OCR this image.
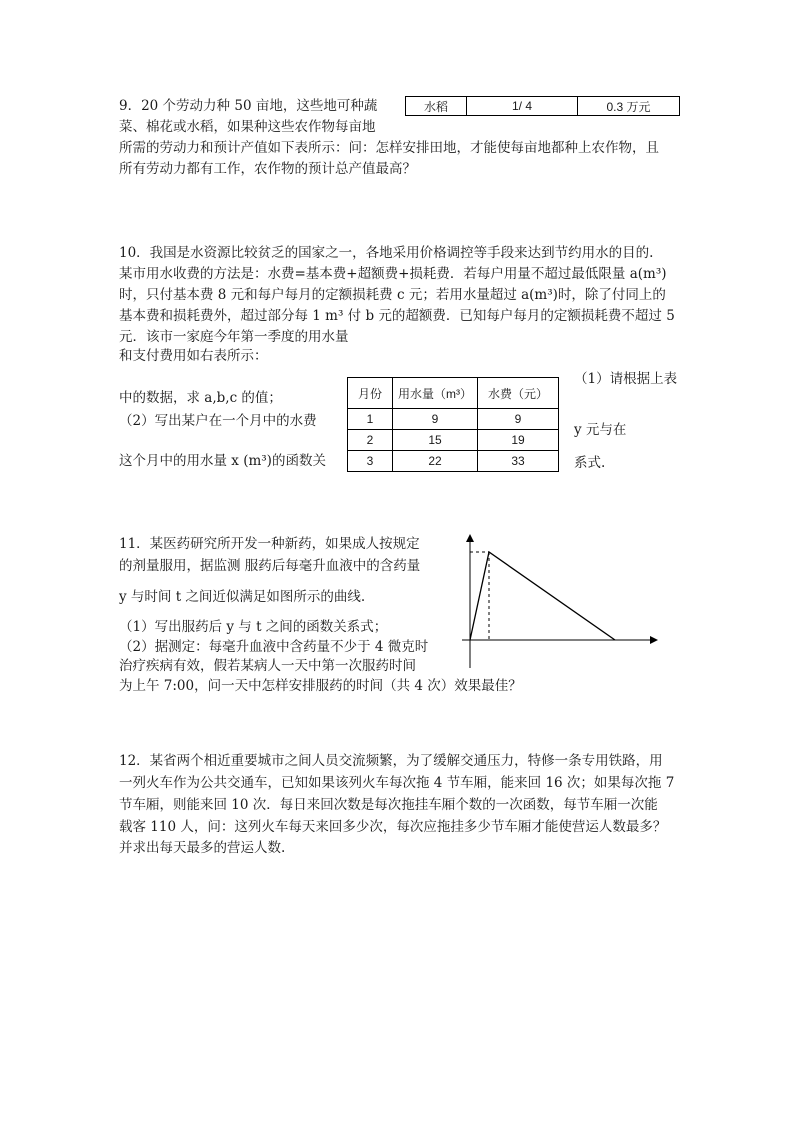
9．20 个劳动力种 50 亩地，这些地可种蔬
菜、棉花或水稻，如果种这些农作物每亩地
所需的劳动力和预计产值如下表所示：问：怎样安排田地，才能使每亩地都种上农作物，且
所有劳动力都有工作，农作物的预计总产值最高？
水稻	1/ 4	0.3 万元
10．我国是水资源比较贫乏的国家之一，各地采用价格调控等手段来达到节约用水的目的.
某市用水收费的方法是：水费=基本费+超额费+损耗费．若每户用量不超过最低限量 a(m³)
时，只付基本费 8 元和每户每月的定额损耗费 c 元；若用水量超过 a(m³)时，除了付同上的
基本费和损耗费外，超过部分每 1 m³ 付 b 元的超额费．已知每户每月的定额损耗费不超过 5
元．该市一家庭今年第一季度的用水量
和支付费用如右表所示：
（1）请根据上表
中的数据，求 a,b,c 的值；
（2）写出某户在一个月中的水费
y 元与在
这个月中的用水量 x (m³)的函数关	系式.
月份	用水量（m³）	水费（元）
1	9	9
2	15	19
3	22	33
11．某医药研究所开发一种新药，如果成人按规定
的剂量服用，据监测 服药后每毫升血液中的含药量
y 与时间 t 之间近似满足如图所示的曲线.
（1）写出服药后 y 与 t 之间的函数关系式；
（2）据测定：每毫升血液中含药量不少于 4 微克时
治疗疾病有效，假若某病人一天中第一次服药时间
为上午 7:00，问一天中怎样安排服药的时间（共 4 次）效果最佳？
12．某省两个相近重要城市之间人员交流频繁，为了缓解交通压力，特修一条专用铁路，用
一列火车作为公共交通车，已知如果该列火车每次拖 4 节车厢，能来回 16 次；如果每次拖 7
节车厢，则能来回 10 次．每日来回次数是每次拖挂车厢个数的一次函数，每节车厢一次能
载客 110 人，问：这列火车每天来回多少次，每次应拖挂多少节车厢才能使营运人数最多？
并求出每天最多的营运人数.
